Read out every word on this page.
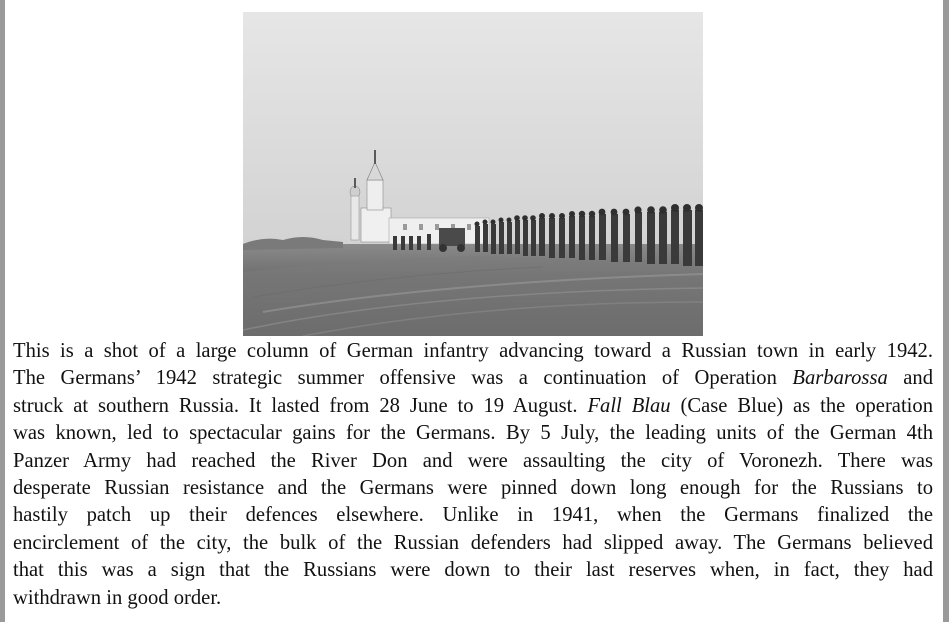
This is a shot of a large column of German infantry advancing toward a Russian town in early 1942.
The Germans’ 1942 strategic summer offensive was a continuation of Operation Barbarossa and
struck at southern Russia. It lasted from 28 June to 19 August. Fall Blau (Case Blue) as the operation
was known, led to spectacular gains for the Germans. By 5 July, the leading units of the German 4th
Panzer Army had reached the River Don and were assaulting the city of Voronezh. There was
desperate Russian resistance and the Germans were pinned down long enough for the Russians to
hastily patch up their defences elsewhere. Unlike in 1941, when the Germans finalized the
encirclement of the city, the bulk of the Russian defenders had slipped away. The Germans believed
that this was a sign that the Russians were down to their last reserves when, in fact, they had
withdrawn in good order.
